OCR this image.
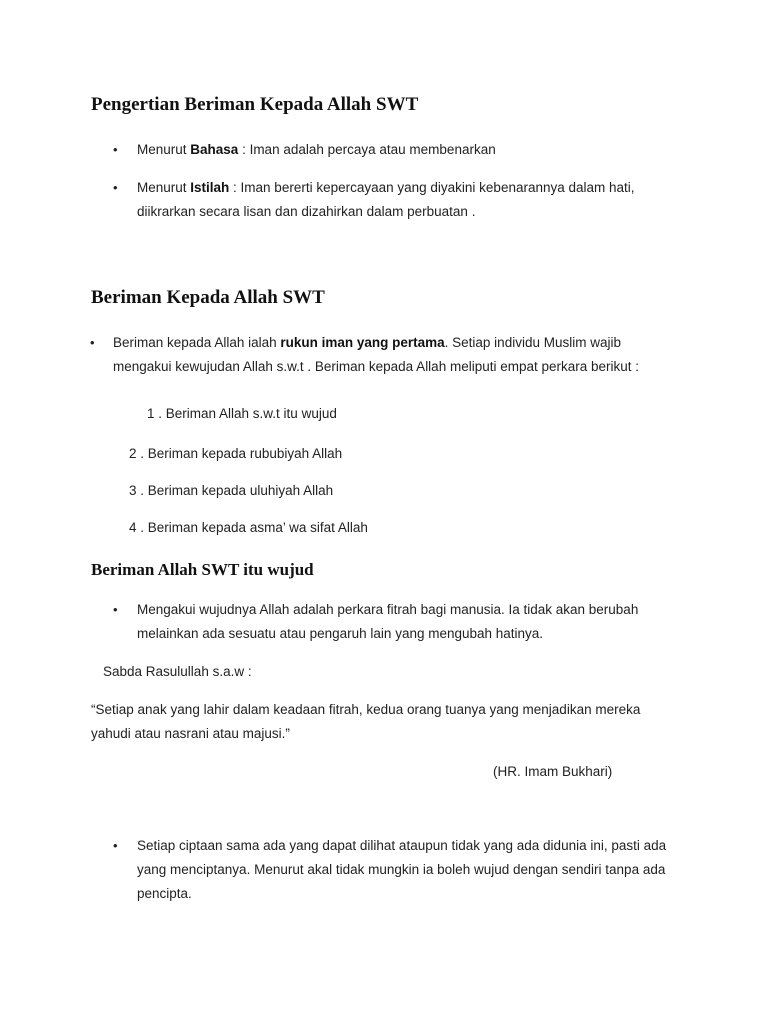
Pengertian Beriman Kepada Allah SWT
• Menurut Bahasa : Iman adalah percaya atau membenarkan
• Menurut Istilah : Iman bererti kepercayaan yang diyakini kebenarannya dalam hati,
diikrarkan secara lisan dan dizahirkan dalam perbuatan .
Beriman Kepada Allah SWT
• Beriman kepada Allah ialah rukun iman yang pertama. Setiap individu Muslim wajib
mengakui kewujudan Allah s.w.t . Beriman kepada Allah meliputi empat perkara berikut :
1 . Beriman Allah s.w.t itu wujud
2 . Beriman kepada rububiyah Allah
3 . Beriman kepada uluhiyah Allah
4 . Beriman kepada asma’ wa sifat Allah
Beriman Allah SWT itu wujud
• Mengakui wujudnya Allah adalah perkara fitrah bagi manusia. Ia tidak akan berubah
melainkan ada sesuatu atau pengaruh lain yang mengubah hatinya.
Sabda Rasulullah s.a.w :
“Setiap anak yang lahir dalam keadaan fitrah, kedua orang tuanya yang menjadikan mereka
yahudi atau nasrani atau majusi.”
(HR. Imam Bukhari)
• Setiap ciptaan sama ada yang dapat dilihat ataupun tidak yang ada didunia ini, pasti ada
yang menciptanya. Menurut akal tidak mungkin ia boleh wujud dengan sendiri tanpa ada
pencipta.
